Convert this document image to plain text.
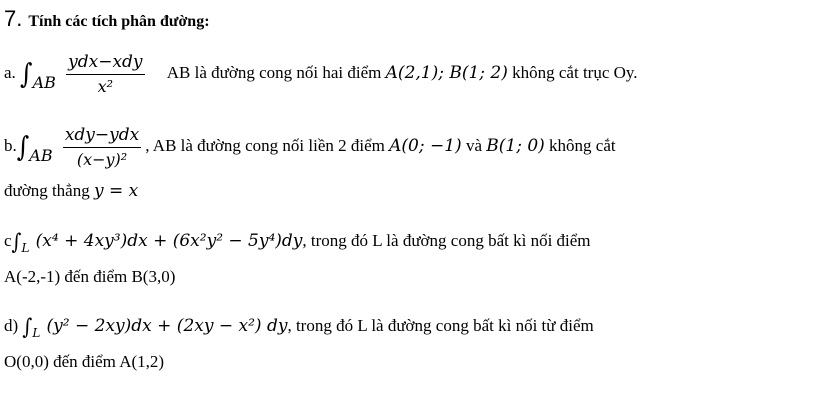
7. Tính các tích phân đường:
a. $\int AB \frac{\text{ydx−xdy}}{\text{x²}}$ AB là đường cong nối hai điểm A(2,1); B(1; 2) không cắt trục Oy.
$b.\int AB \frac{\text{xdy−ydx}}{\text{(x−y)²}}$ , AB là đường cong nối liền 2 điểm A(0; −1) và B(1; 0) không cắt
đường thẳng y = x
$c\int_L$ (x⁴ + 4xy³)dx + (6x²y² − 5y⁴)dy, trong đó L là đường cong bất kì nối điểm
A(-2,-1) đến điểm B(3,0)
d) $\int_L$ (y² − 2xy)dx + (2xy − x²) dy, trong đó L là đường cong bất kì nối từ điểm
O(0,0) đến điểm A(1,2)
